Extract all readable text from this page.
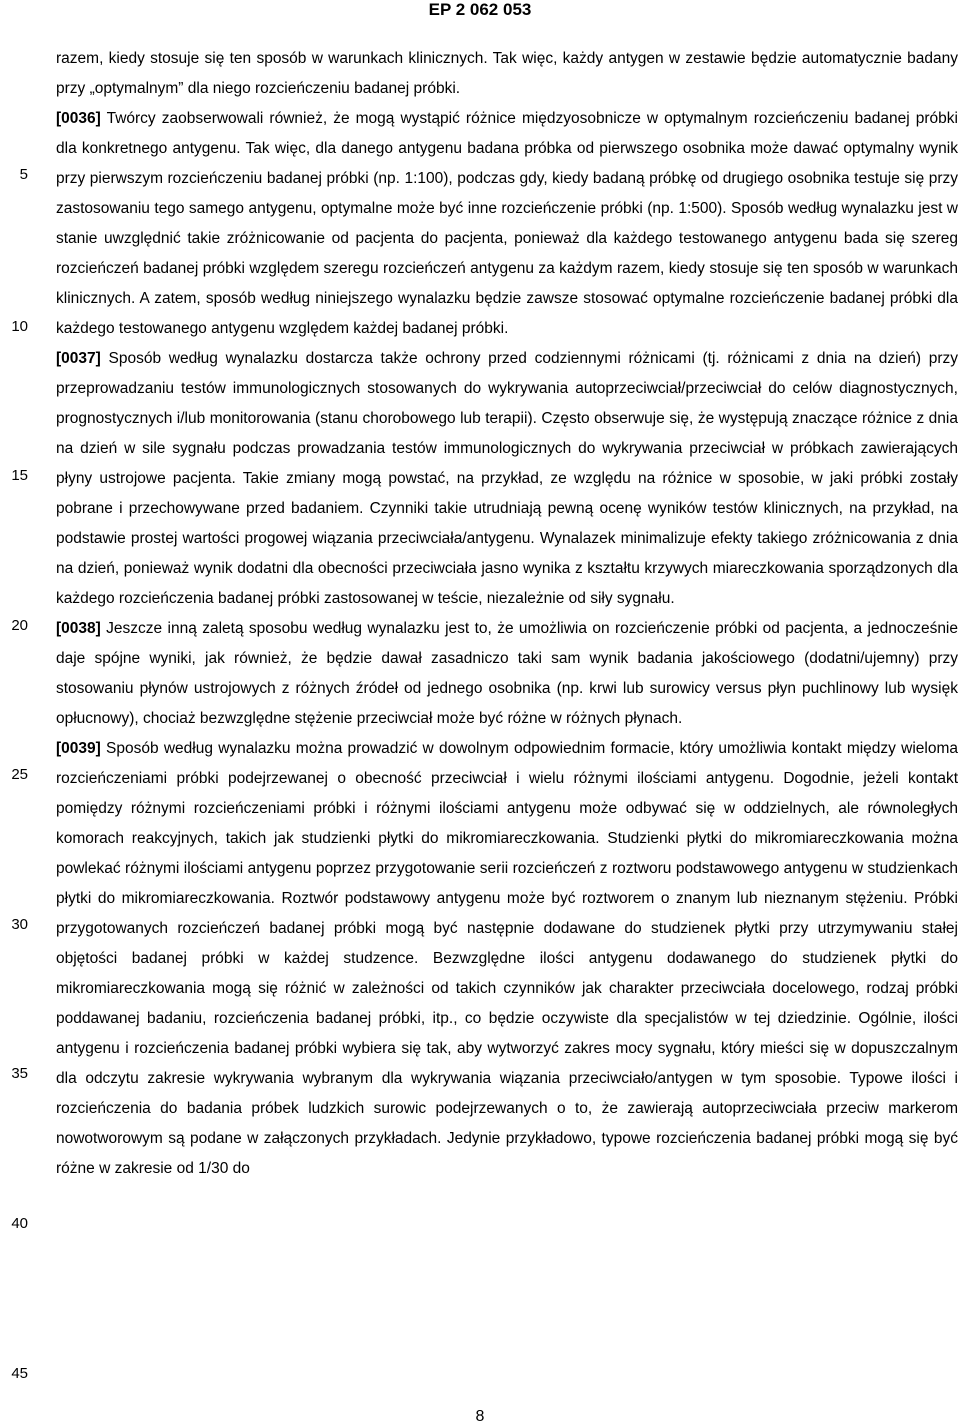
EP 2 062 053
5
10
15
20
25
30
35
40
45

razem, kiedy stosuje się ten sposób w warunkach klinicznych. Tak więc, każdy antygen w zestawie będzie automatycznie badany przy „optymalnym” dla niego rozcieńczeniu badanej próbki.

[0036] Twórcy zaobserwowali również, że mogą wystąpić różnice międzyosobnicze w optymalnym rozcieńczeniu badanej próbki dla konkretnego antygenu. Tak więc, dla danego antygenu badana próbka od pierwszego osobnika może dawać optymalny wynik przy pierwszym rozcieńczeniu badanej próbki (np. 1:100), podczas gdy, kiedy badaną próbkę od drugiego osobnika testuje się przy zastosowaniu tego samego antygenu, optymalne może być inne rozcieńczenie próbki (np. 1:500). Sposób według wynalazku jest w stanie uwzględnić takie zróżnicowanie od pacjenta do pacjenta, ponieważ dla każdego testowanego antygenu bada się szereg rozcieńczeń badanej próbki względem szeregu rozcieńczeń antygenu za każdym razem, kiedy stosuje się ten sposób w warunkach klinicznych. A zatem, sposób według niniejszego wynalazku będzie zawsze stosować optymalne rozcieńczenie badanej próbki dla każdego testowanego antygenu względem każdej badanej próbki.

[0037] Sposób według wynalazku dostarcza także ochrony przed codziennymi różnicami (tj. różnicami z dnia na dzień) przy przeprowadzaniu testów immunologicznych stosowanych do wykrywania autoprzeciwciał/przeciwciał do celów diagnostycznych, prognostycznych i/lub monitorowania (stanu chorobowego lub terapii). Często obserwuje się, że występują znaczące różnice z dnia na dzień w sile sygnału podczas prowadzania testów immunologicznych do wykrywania przeciwciał w próbkach zawierających płyny ustrojowe pacjenta. Takie zmiany mogą powstać, na przykład, ze względu na różnice w sposobie, w jaki próbki zostały pobrane i przechowywane przed badaniem. Czynniki takie utrudniają pewną ocenę wyników testów klinicznych, na przykład, na podstawie prostej wartości progowej wiązania przeciwciała/antygenu. Wynalazek minimalizuje efekty takiego zróżnicowania z dnia na dzień, ponieważ wynik dodatni dla obecności przeciwciała jasno wynika z kształtu krzywych miareczkowania sporządzonych dla każdego rozcieńczenia badanej próbki zastosowanej w teście, niezależnie od siły sygnału.

[0038] Jeszcze inną zaletą sposobu według wynalazku jest to, że umożliwia on rozcieńczenie próbki od pacjenta, a jednocześnie daje spójne wyniki, jak również, że będzie dawał zasadniczo taki sam wynik badania jakościowego (dodatni/ujemny) przy stosowaniu płynów ustrojowych z różnych źródeł od jednego osobnika (np. krwi lub surowicy versus płyn puchlinowy lub wysięk opłucnowy), chociaż bezwzględne stężenie przeciwciał może być różne w różnych płynach.

[0039] Sposób według wynalazku można prowadzić w dowolnym odpowiednim formacie, który umożliwia kontakt między wieloma rozcieńczeniami próbki podejrzewanej o obecność przeciwciał i wielu różnymi ilościami antygenu. Dogodnie, jeżeli kontakt pomiędzy różnymi rozcieńczeniami próbki i różnymi ilościami antygenu może odbywać się w oddzielnych, ale równoległych komorach reakcyjnych, takich jak studzienki płytki do mikromiareczkowania. Studzienki płytki do mikromiareczkowania można powlekać różnymi ilościami antygenu poprzez przygotowanie serii rozcieńczeń z roztworu podstawowego antygenu w studzienkach płytki do mikromiareczkowania. Roztwór podstawowy antygenu może być roztworem o znanym lub nieznanym stężeniu. Próbki przygotowanych rozcieńczeń badanej próbki mogą być następnie dodawane do studzienek płytki przy utrzymywaniu stałej objętości badanej próbki w każdej studzence. Bezwzględne ilości antygenu dodawanego do studzienek płytki do mikromiareczkowania mogą się różnić w zależności od takich czynników jak charakter przeciwciała docelowego, rodzaj próbki poddawanej badaniu, rozcieńczenia badanej próbki, itp., co będzie oczywiste dla specjalistów w tej dziedzinie. Ogólnie, ilości antygenu i rozcieńczenia badanej próbki wybiera się tak, aby wytworzyć zakres mocy sygnału, który mieści się w dopuszczalnym dla odczytu zakresie wykrywania wybranym dla wykrywania wiązania przeciwciało/antygen w tym sposobie. Typowe ilości i rozcieńczenia do badania próbek ludzkich surowic podejrzewanych o to, że zawierają autoprzeciwciała przeciw markerom nowotworowym są podane w załączonych przykładach. Jedynie przykładowo, typowe rozcieńczenia badanej próbki mogą się być różne w zakresie od 1/30 do

8
